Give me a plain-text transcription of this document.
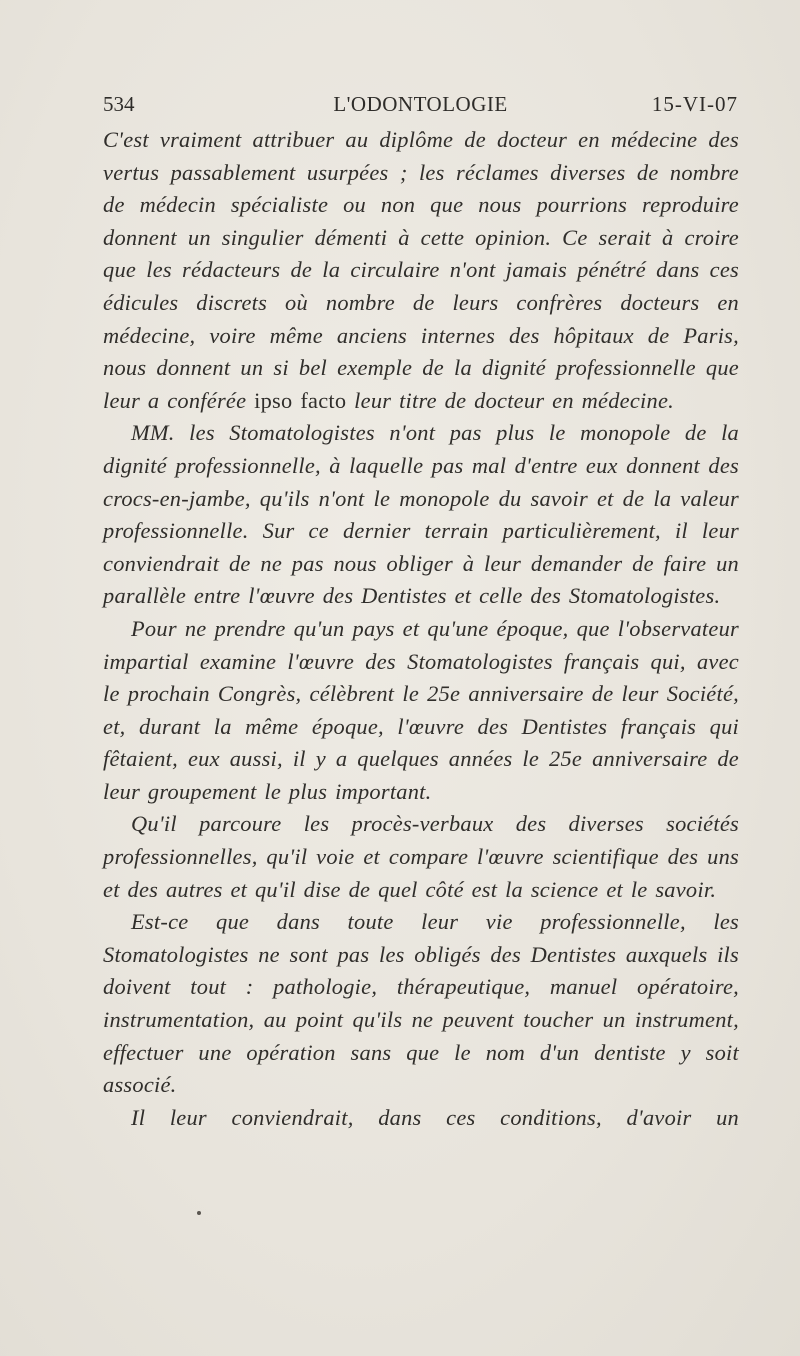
534	L'ODONTOLOGIE	15-VI-07

C'est vraiment attribuer au diplôme de docteur en médecine des vertus passablement usurpées ; les réclames diverses de nombre de médecin spécialiste ou non que nous pourrions reproduire donnent un singulier démenti à cette opinion. Ce serait à croire que les rédacteurs de la circulaire n'ont jamais pénétré dans ces édicules discrets où nombre de leurs confrères docteurs en médecine, voire même anciens internes des hôpitaux de Paris, nous donnent un si bel exemple de la dignité professionnelle que leur a conférée ipso facto leur titre de docteur en médecine.

MM. les Stomatologistes n'ont pas plus le monopole de la dignité professionnelle, à laquelle pas mal d'entre eux donnent des crocs-en-jambe, qu'ils n'ont le monopole du savoir et de la valeur professionnelle. Sur ce dernier terrain particulièrement, il leur conviendrait de ne pas nous obliger à leur demander de faire un parallèle entre l'œuvre des Dentistes et celle des Stomatologistes.

Pour ne prendre qu'un pays et qu'une époque, que l'observateur impartial examine l'œuvre des Stomatologistes français qui, avec le prochain Congrès, célèbrent le 25e anniversaire de leur Société, et, durant la même époque, l'œuvre des Dentistes français qui fêtaient, eux aussi, il y a quelques années le 25e anniversaire de leur groupement le plus important.

Qu'il parcoure les procès-verbaux des diverses sociétés professionnelles, qu'il voie et compare l'œuvre scientifique des uns et des autres et qu'il dise de quel côté est la science et le savoir.

Est-ce que dans toute leur vie professionnelle, les Stomatologistes ne sont pas les obligés des Dentistes auxquels ils doivent tout : pathologie, thérapeutique, manuel opératoire, instrumentation, au point qu'ils ne peuvent toucher un instrument, effectuer une opération sans que le nom d'un dentiste y soit associé.

Il leur conviendrait, dans ces conditions, d'avoir un
